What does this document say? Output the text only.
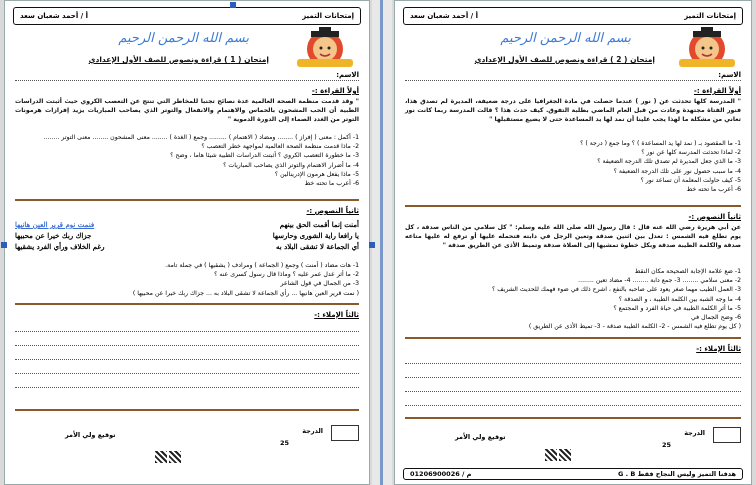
إمتحانات التميز
أ / أحمد شعبان سعد
بسم الله الرحمن الرحيم
إمتحان ( 1 ) قراءة ونصوص للصف الأول الإعدادي
الاسم:
أولاً القراءة :-
" وقد قدمت منظمة الصحة العالمية عدة نصائح تجنبا للمخاطر التي تنتج عن التعصب الكروي حيث أثبتت الدراسات الطبية أن الحب المشحون بالحماس والاهتمام والانفعال والتوتر الذي يصاحب المباريات يزيد إفرازات هرمونات التوتر من الغدد الصماء إلى الدورة الدموية "
1- أكمل : معنى ( إفراز ) ........ ومضاد ( الاهتمام ) ......... وجمع ( الغدة ) ........ معنى المشحون ........ معنى التوتر ........
2- ماذا قدمت منظمة الصحة العالمية لمواجهة خطر التعصب ؟
3- ما خطورة التعصب الكروي ؟ أثبتت الدراسات الطبية شيئا هاما ، وضح ؟
4- ما أضرار الاهتمام والتوتر الذي يصاحب المباريات ؟
5- ماذا يفعل هرمون الإدرينالين ؟
6- أعرب ما تحته خط
ثانياً النصوص :-
أمنت إنما أقمت الحق بينهم
فنمت نوم قرير العين هانيها
يا رافعا راية الشورى وحارسها
جزاك ربك خيرا عن محبيها
أي الجماعة لا تشقى البلاد به
رغم الخلاف ورأي الفرد يشقيها
1- هات مضاد ( أمنت ) وجمع ( الجماعة ) ومرادف ( يشقيها ) في جملة تامة.
2- ما أثر عدل عمر عليه ؟ وماذا قال رسول كسرى عنه ؟
3- من الجمال في قول الشاعر
( نمت قرير العين هانيها ... رأي الجماعة لا تشقى البلاد به ... جزاك ربك خيرا عن محبيها )
ثالثاً الإملاء :-
الدرجة
25
توقيع ولي الأمر
إمتحانات التميز
أ / أحمد شعبان سعد
بسم الله الرحمن الرحيم
إمتحان ( 2 ) قراءة ونصوص للصف الأول الإعدادي
الاسم:
أولاً القراءة :-
" المدرسة كلها تحدثت عن ( نور ) عندما حصلت في مادة الجغرافيا على درجة ضعيفة، المديرة لم تصدق هذا، فنور الفتاة مجتهدة وعادت من قبل العام الماضي بطلبة التفوق. كيف حدث هذا ؟ قالت المدرسة ربما كانت نور تعاني من مشكلة ما لهذا يجب علينا أن نمد لها يد المساعدة حتى لا يضيع مستقبلها "
1- ما المقصود بـ ( نمد لها يد المساعدة ) ؟ وما جمع ( درجة ) ؟
2- لماذا تحدثت المدرسة كلها عن نور ؟
3- ما الذي جعل المديرة لم تصدق تلك الدرجة الضعيفة ؟
4- ما سبب حصول نور على تلك الدرجة الضعيفة ؟
5- كيف حاولت المعلمة أن تساعد نور ؟
6- أعرب ما تحته خط
ثانياً النصوص :-
عن أبي هريرة رضي الله عنه قال : قال رسول الله صلى الله عليه وسلم: " كل سلامي من الناس صدقة ، كل يوم تطلع فيه الشمس : تعدل بين اثنين صدقة وتعين الرجل في دابته فتحمله عليها أو ترفع له عليها متاعه صدقة والكلمة الطيبة صدقة وبكل خطوة تمشيها إلى الصلاة صدقة وتميط الأذى عن الطريق صدقة "
1- ضع علامة الإجابة الصحيحة مكان النقط
2- معنى سلامي ........ 3- جمع دابة ........ 4- مضاد تعين ........
3- العمل الطيب مهما صغر يعود على صاحبه بالنفع ، اشرح ذلك في ضوء فهمك للحديث الشريف ؟
4- ما وجه الشبه بين الكلمة الطيبة ، و الصدقة ؟
5- ما أثر الكلمة الطيبة في حياة الفرد و المجتمع ؟
6- وضح الجمال في
( كل يوم تطلع فيه الشمس - 2- الكلمة الطيبة صدقة - 3- تميط الأذى عن الطريق )
ثالثاً الإملاء :-
الدرجة
25
توقيع ولي الأمر
هدفنا التميز وليس النجاح فقط G . B
م / 01206900026
